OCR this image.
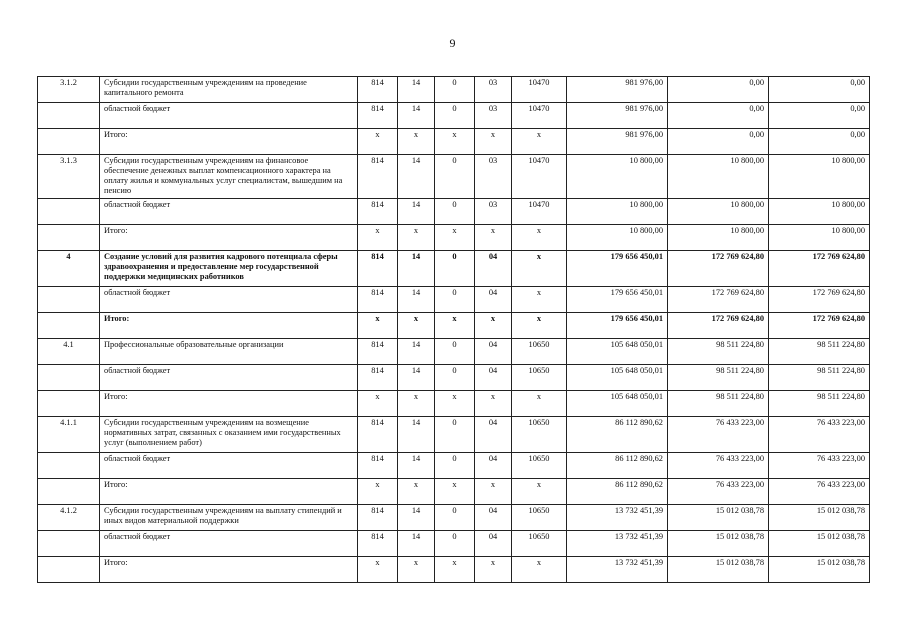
9
3.1.2	Субсидии государственным учреждениям на проведение капитального ремонта	814	14	0	03	10470	981 976,00	0,00	0,00
	областной бюджет	814	14	0	03	10470	981 976,00	0,00	0,00
	Итого:	x	x	x	x	x	981 976,00	0,00	0,00
3.1.3	Субсидии государственным учреждениям на финансовое обеспечение денежных выплат компенсационного характера на оплату жилья и коммунальных услуг специалистам, вышедшим на пенсию	814	14	0	03	10470	10 800,00	10 800,00	10 800,00
	областной бюджет	814	14	0	03	10470	10 800,00	10 800,00	10 800,00
	Итого:	x	x	x	x	x	10 800,00	10 800,00	10 800,00
4	Создание условий для развития кадрового потенциала сферы здравоохранения и предоставление мер государственной поддержки медицинских работников	814	14	0	04	x	179 656 450,01	172 769 624,80	172 769 624,80
	областной бюджет	814	14	0	04	x	179 656 450,01	172 769 624,80	172 769 624,80
	Итого:	x	x	x	x	x	179 656 450,01	172 769 624,80	172 769 624,80
4.1	Профессиональные образовательные организации	814	14	0	04	10650	105 648 050,01	98 511 224,80	98 511 224,80
	областной бюджет	814	14	0	04	10650	105 648 050,01	98 511 224,80	98 511 224,80
	Итого:	x	x	x	x	x	105 648 050,01	98 511 224,80	98 511 224,80
4.1.1	Субсидии государственным учреждениям на возмещение нормативных затрат, связанных с оказанием ими государственных услуг (выполнением работ)	814	14	0	04	10650	86 112 890,62	76 433 223,00	76 433 223,00
	областной бюджет	814	14	0	04	10650	86 112 890,62	76 433 223,00	76 433 223,00
	Итого:	x	x	x	x	x	86 112 890,62	76 433 223,00	76 433 223,00
4.1.2	Субсидии государственным учреждениям на выплату стипендий и иных видов материальной поддержки	814	14	0	04	10650	13 732 451,39	15 012 038,78	15 012 038,78
	областной бюджет	814	14	0	04	10650	13 732 451,39	15 012 038,78	15 012 038,78
	Итого:	x	x	x	x	x	13 732 451,39	15 012 038,78	15 012 038,78
